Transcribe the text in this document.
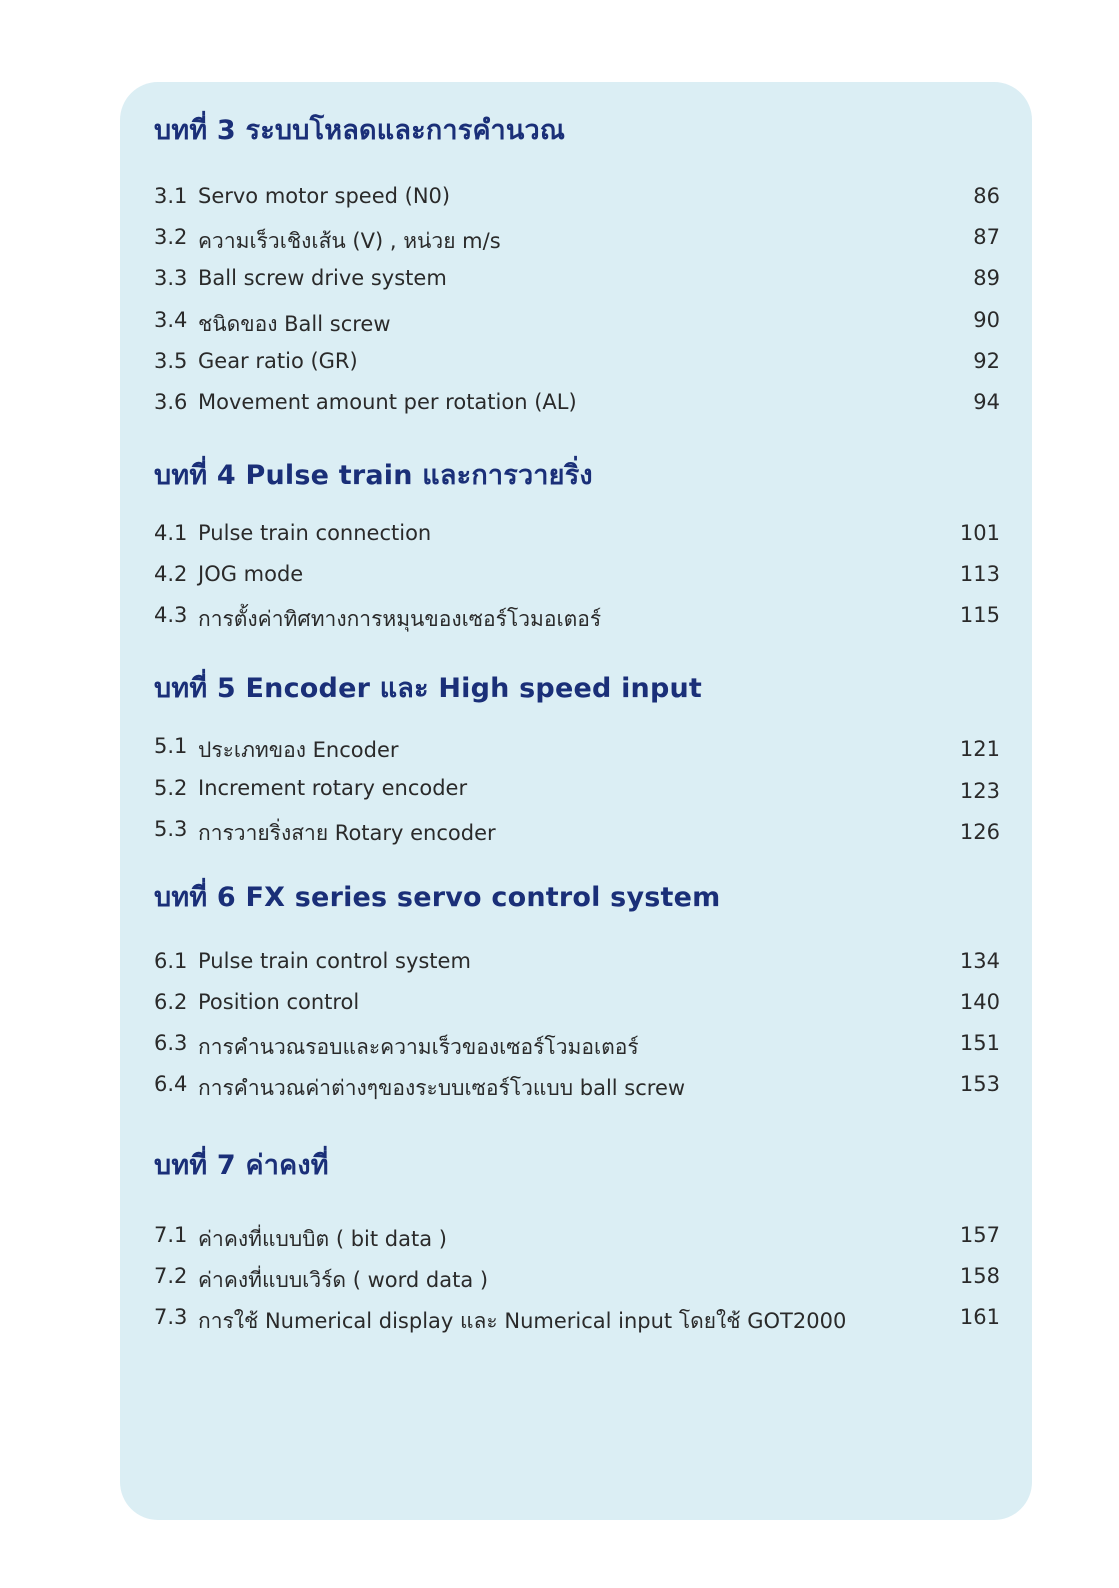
บทที่ 3 ระบบโหลดและการคำนวณ
3.1 Servo motor speed (N0)	86
3.2 ความเร็วเชิงเส้น (V) , หน่วย m/s	87
3.3 Ball screw drive system	89
3.4 ชนิดของ Ball screw	90
3.5 Gear ratio (GR)	92
3.6 Movement amount per rotation (AL)	94
บทที่ 4 Pulse train และการวายริ่ง
4.1 Pulse train connection	101
4.2 JOG mode	113
4.3 การตั้งค่าทิศทางการหมุนของเซอร์โวมอเตอร์	115
บทที่ 5 Encoder และ High speed input
5.1 ประเภทของ Encoder	121
5.2 Increment rotary encoder	123
5.3 การวายริ่งสาย Rotary encoder	126
บทที่ 6 FX series servo control system
6.1 Pulse train control system	134
6.2 Position control	140
6.3 การคำนวณรอบและความเร็วของเซอร์โวมอเตอร์	151
6.4 การคำนวณค่าต่างๆของระบบเซอร์โวแบบ ball screw	153
บทที่ 7 ค่าคงที่
7.1 ค่าคงที่แบบบิต ( bit data )	157
7.2 ค่าคงที่แบบเวิร์ด ( word data )	158
7.3 การใช้ Numerical display และ Numerical input โดยใช้ GOT2000	161
